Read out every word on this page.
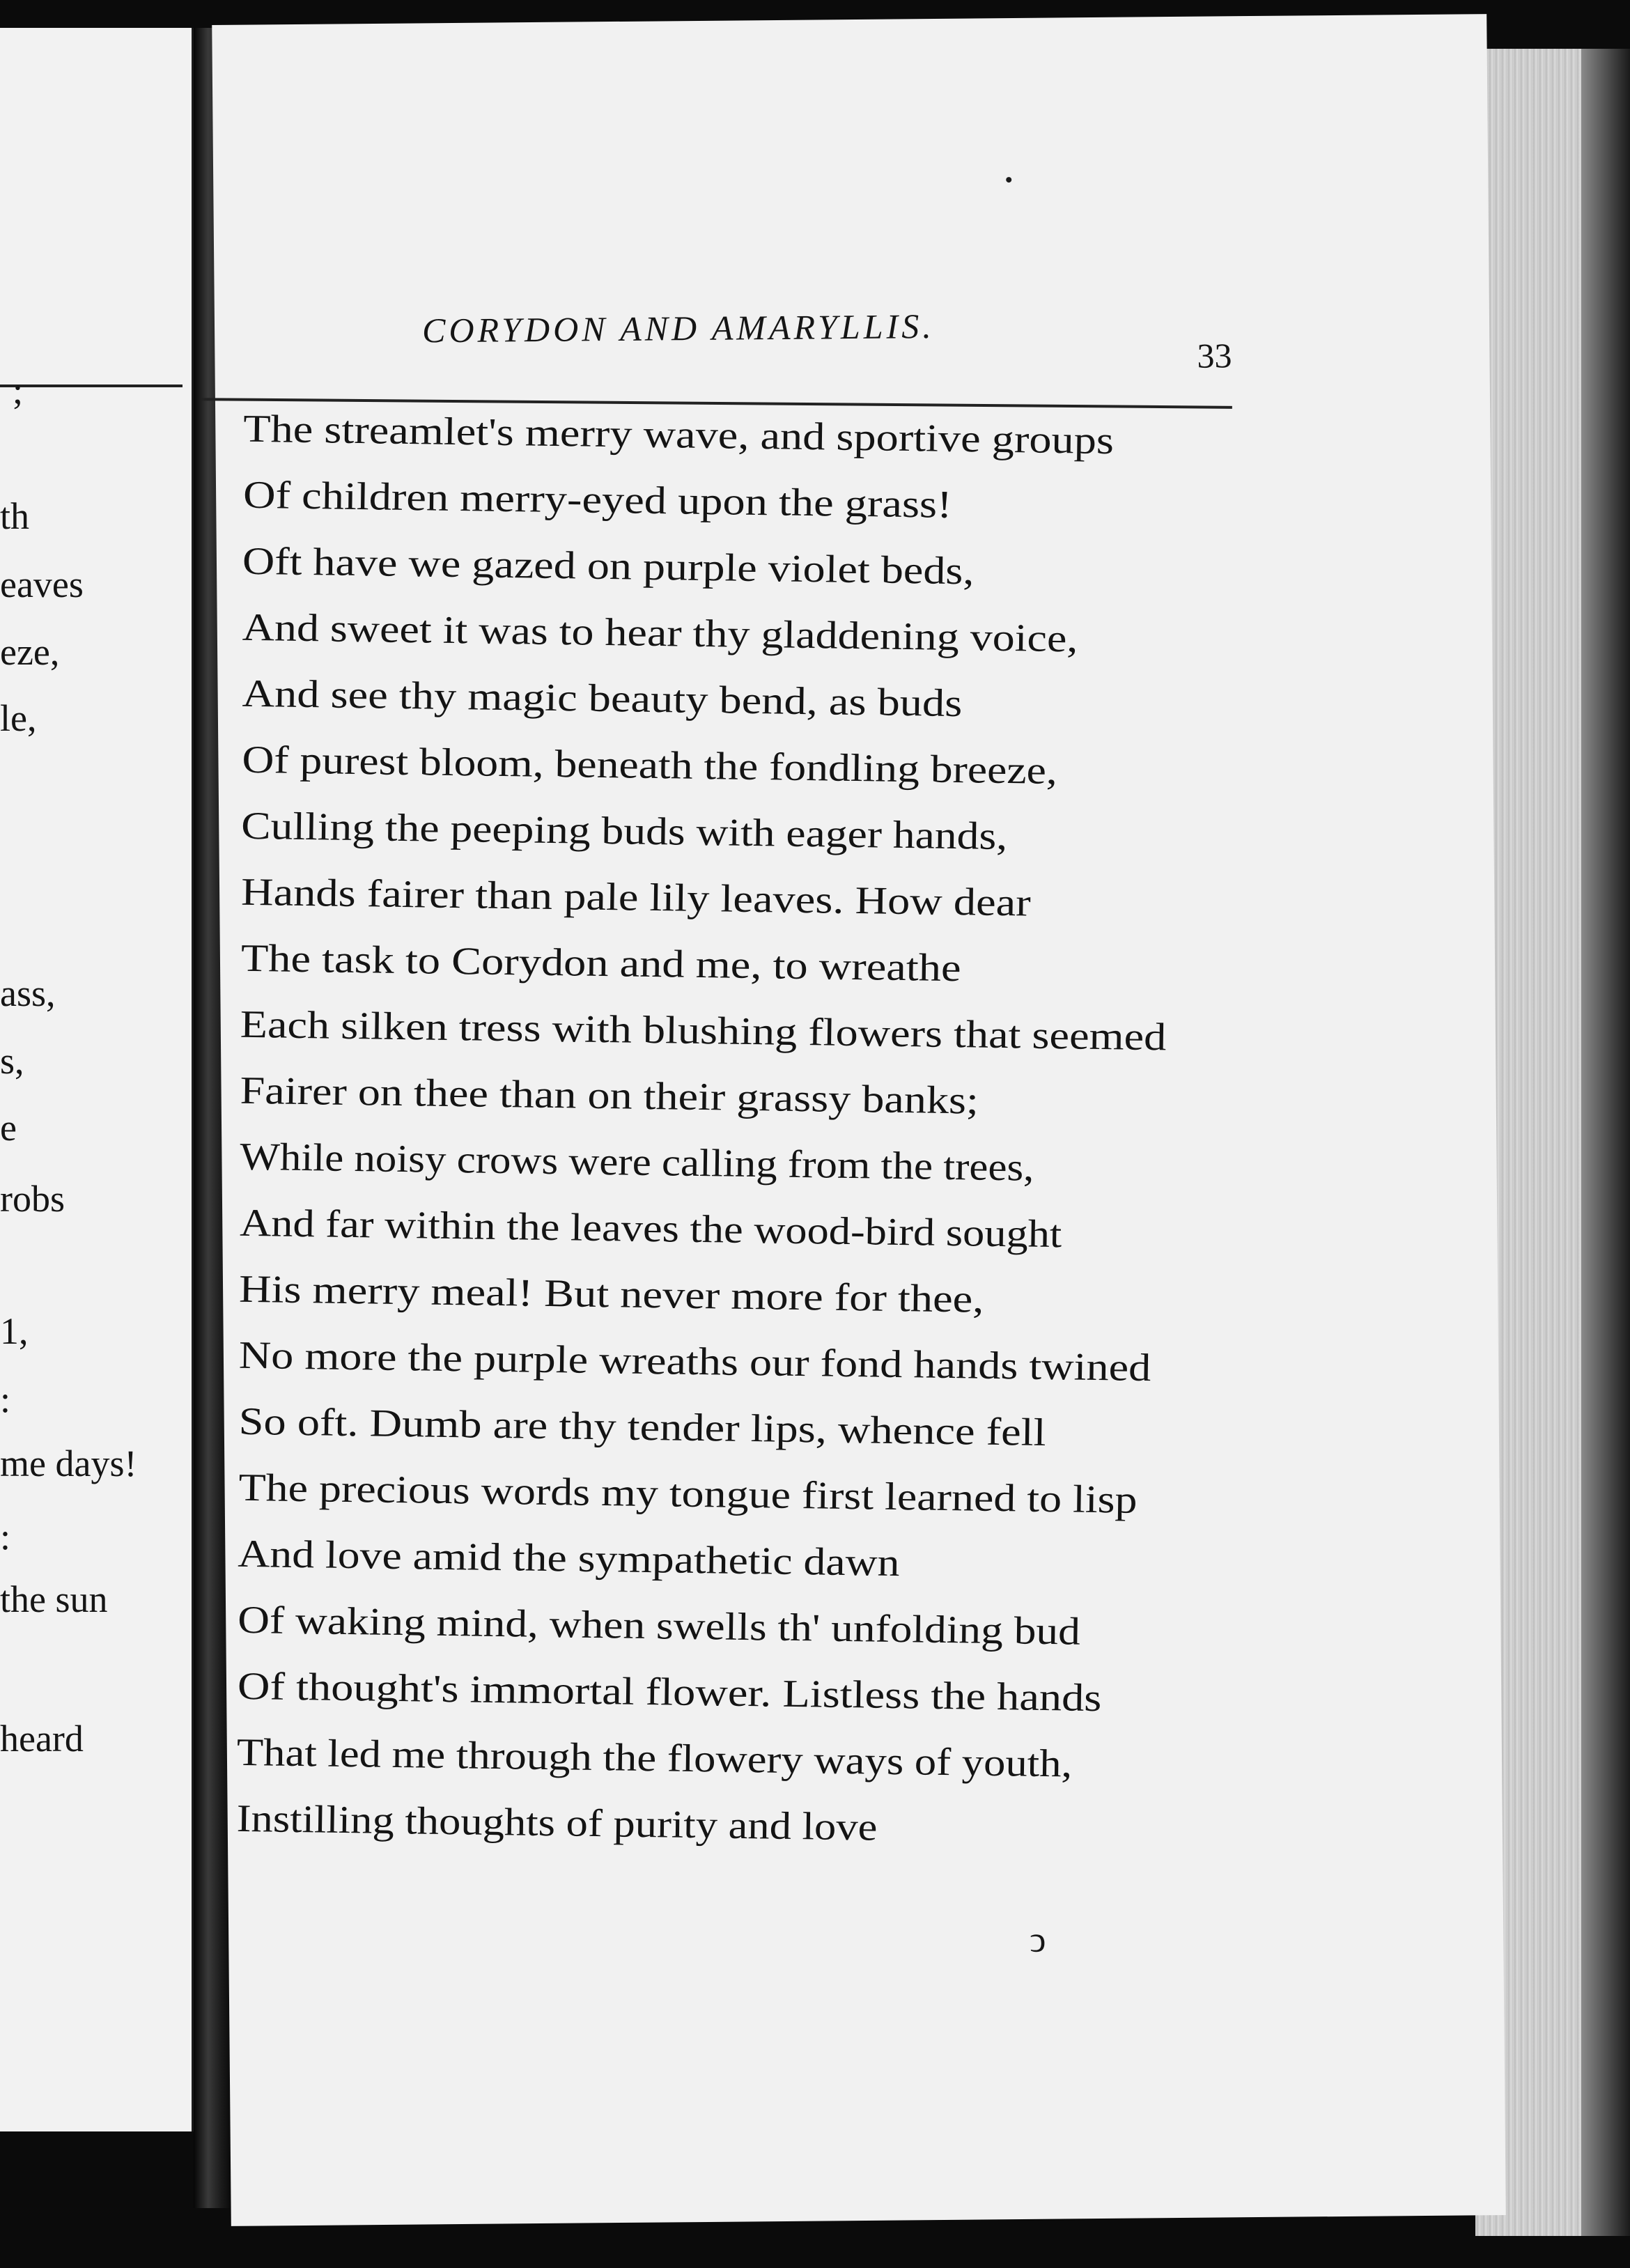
;
th
eaves
eze,
le,
ass,
s,
e
robs
1,
:
me days!
:
the sun
heard
CORYDON AND AMARYLLIS.
33
The streamlet's merry wave, and sportive groups
Of children merry-eyed upon the grass!
Oft have we gazed on purple violet beds,
And sweet it was to hear thy gladdening voice,
And see thy magic beauty bend, as buds
Of purest bloom, beneath the fondling breeze,
Culling the peeping buds with eager hands,
Hands fairer than pale lily leaves. How dear
The task to Corydon and me, to wreathe
Each silken tress with blushing flowers that seemed
Fairer on thee than on their grassy banks;
While noisy crows were calling from the trees,
And far within the leaves the wood-bird sought
His merry meal! But never more for thee,
No more the purple wreaths our fond hands twined
So oft. Dumb are thy tender lips, whence fell
The precious words my tongue first learned to lisp
And love amid the sympathetic dawn
Of waking mind, when swells th' unfolding bud
Of thought's immortal flower. Listless the hands
That led me through the flowery ways of youth,
Instilling thoughts of purity and love
ↄ
